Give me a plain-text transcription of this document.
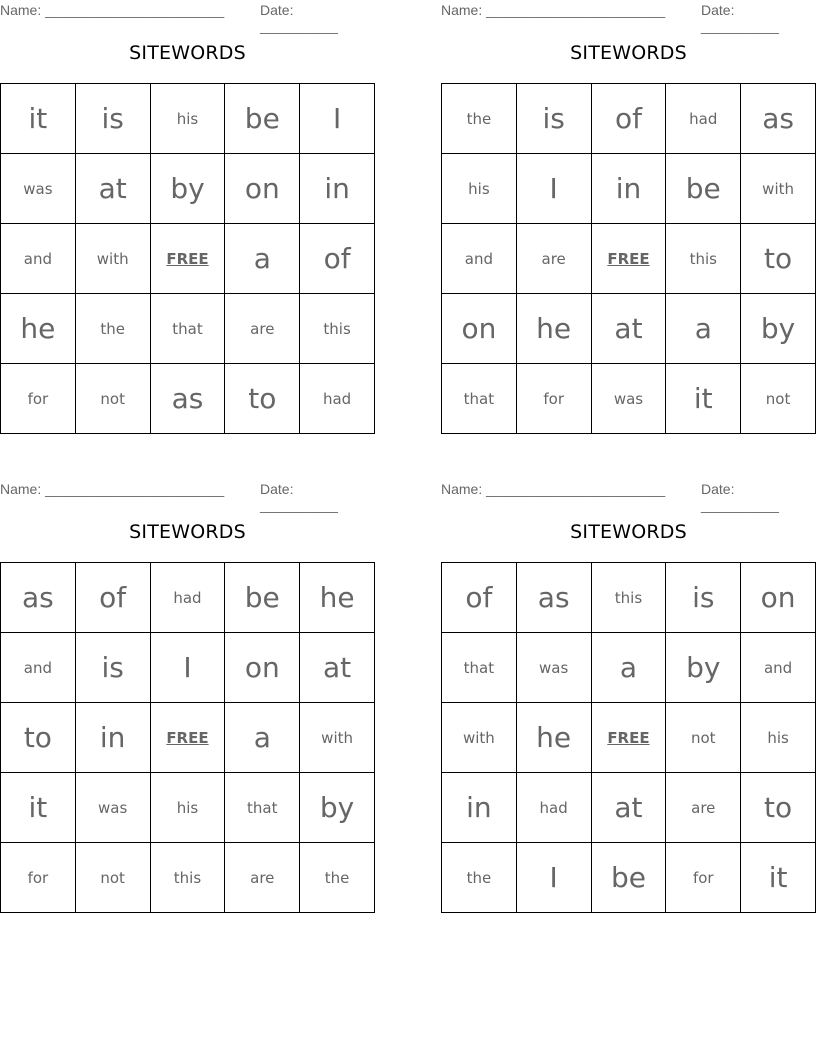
Name: _______________________	Date: __________
SITEWORDS
it	is	his	be	I
was	at	by	on	in
and	with	FREE	a	of
he	the	that	are	this
for	not	as	to	had
Name: _______________________	Date: __________
SITEWORDS
the	is	of	had	as
his	I	in	be	with
and	are	FREE	this	to
on	he	at	a	by
that	for	was	it	not
Name: _______________________	Date: __________
SITEWORDS
as	of	had	be	he
and	is	I	on	at
to	in	FREE	a	with
it	was	his	that	by
for	not	this	are	the
Name: _______________________	Date: __________
SITEWORDS
of	as	this	is	on
that	was	a	by	and
with	he	FREE	not	his
in	had	at	are	to
the	I	be	for	it
